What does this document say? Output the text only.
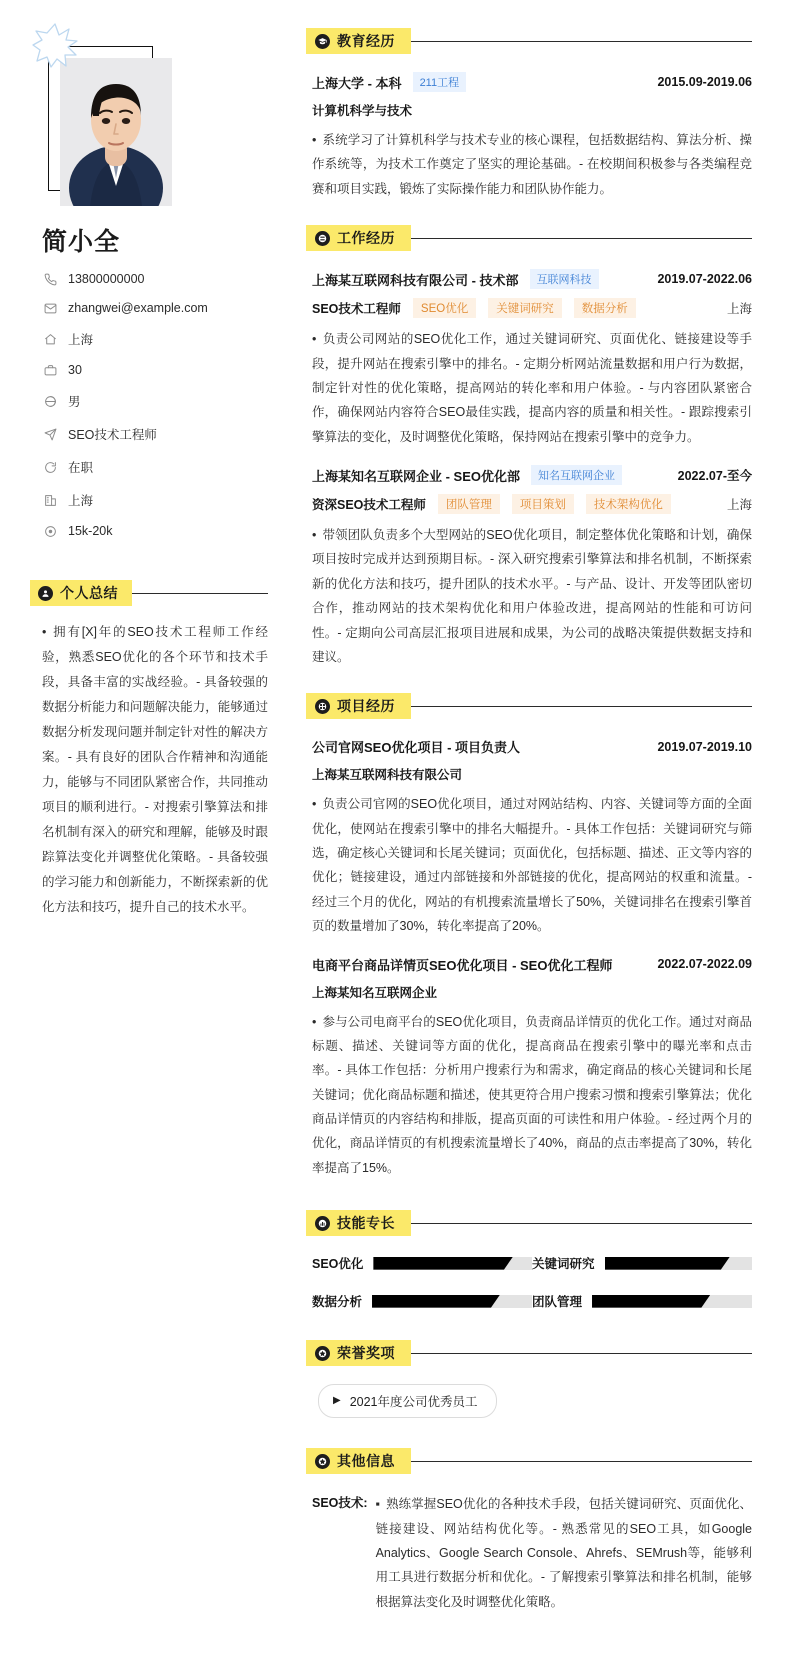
简小全
13800000000
zhangwei@example.com
上海
30
男
SEO技术工程师
在职
上海
15k-20k
个人总结
• 拥有[X]年的SEO技术工程师工作经验，熟悉SEO优化的各个环节和技术手段，具备丰富的实战经验。- 具备较强的数据分析能力和问题解决能力，能够通过数据分析发现问题并制定针对性的解决方案。- 具有良好的团队合作精神和沟通能力，能够与不同团队紧密合作，共同推动项目的顺利进行。- 对搜索引擎算法和排名机制有深入的研究和理解，能够及时跟踪算法变化并调整优化策略。- 具备较强的学习能力和创新能力，不断探索新的优化方法和技巧，提升自己的技术水平。
教育经历
上海大学 - 本科	211工程	2015.09-2019.06
计算机科学与技术
• 系统学习了计算机科学与技术专业的核心课程，包括数据结构、算法分析、操作系统等，为技术工作奠定了坚实的理论基础。- 在校期间积极参与各类编程竞赛和项目实践，锻炼了实际操作能力和团队协作能力。
工作经历
上海某互联网科技有限公司 - 技术部	互联网科技	2019.07-2022.06
SEO技术工程师	SEO优化	关键词研究	数据分析	上海
• 负责公司网站的SEO优化工作，通过关键词研究、页面优化、链接建设等手段，提升网站在搜索引擎中的排名。- 定期分析网站流量数据和用户行为数据，制定针对性的优化策略，提高网站的转化率和用户体验。- 与内容团队紧密合作，确保网站内容符合SEO最佳实践，提高内容的质量和相关性。- 跟踪搜索引擎算法的变化，及时调整优化策略，保持网站在搜索引擎中的竞争力。
上海某知名互联网企业 - SEO优化部	知名互联网企业	2022.07-至今
资深SEO技术工程师	团队管理	项目策划	技术架构优化	上海
• 带领团队负责多个大型网站的SEO优化项目，制定整体优化策略和计划，确保项目按时完成并达到预期目标。- 深入研究搜索引擎算法和排名机制，不断探索新的优化方法和技巧，提升团队的技术水平。- 与产品、设计、开发等团队密切合作，推动网站的技术架构优化和用户体验改进，提高网站的性能和可访问性。- 定期向公司高层汇报项目进展和成果，为公司的战略决策提供数据支持和建议。
项目经历
公司官网SEO优化项目 - 项目负责人	2019.07-2019.10
上海某互联网科技有限公司
• 负责公司官网的SEO优化项目，通过对网站结构、内容、关键词等方面的全面优化，使网站在搜索引擎中的排名大幅提升。- 具体工作包括：关键词研究与筛选，确定核心关键词和长尾关键词；页面优化，包括标题、描述、正文等内容的优化；链接建设，通过内部链接和外部链接的优化，提高网站的权重和流量。- 经过三个月的优化，网站的有机搜索流量增长了50%，关键词排名在搜索引擎首页的数量增加了30%，转化率提高了20%。
电商平台商品详情页SEO优化项目 - SEO优化工程师	2022.07-2022.09
上海某知名互联网企业
• 参与公司电商平台的SEO优化项目，负责商品详情页的优化工作。通过对商品标题、描述、关键词等方面的优化，提高商品在搜索引擎中的曝光率和点击率。- 具体工作包括：分析用户搜索行为和需求，确定商品的核心关键词和长尾关键词；优化商品标题和描述，使其更符合用户搜索习惯和搜索引擎算法；优化商品详情页的内容结构和排版，提高页面的可读性和用户体验。- 经过两个月的优化，商品详情页的有机搜索流量增长了40%，商品的点击率提高了30%，转化率提高了15%。
技能专长
SEO优化	关键词研究
数据分析	团队管理
荣誉奖项
▶ 2021年度公司优秀员工
其他信息
SEO技术: ▪ 熟练掌握SEO优化的各种技术手段，包括关键词研究、页面优化、链接建设、网站结构优化等。- 熟悉常见的SEO工具，如Google Analytics、Google Search Console、Ahrefs、SEMrush等，能够利用工具进行数据分析和优化。- 了解搜索引擎算法和排名机制，能够根据算法变化及时调整优化策略。
